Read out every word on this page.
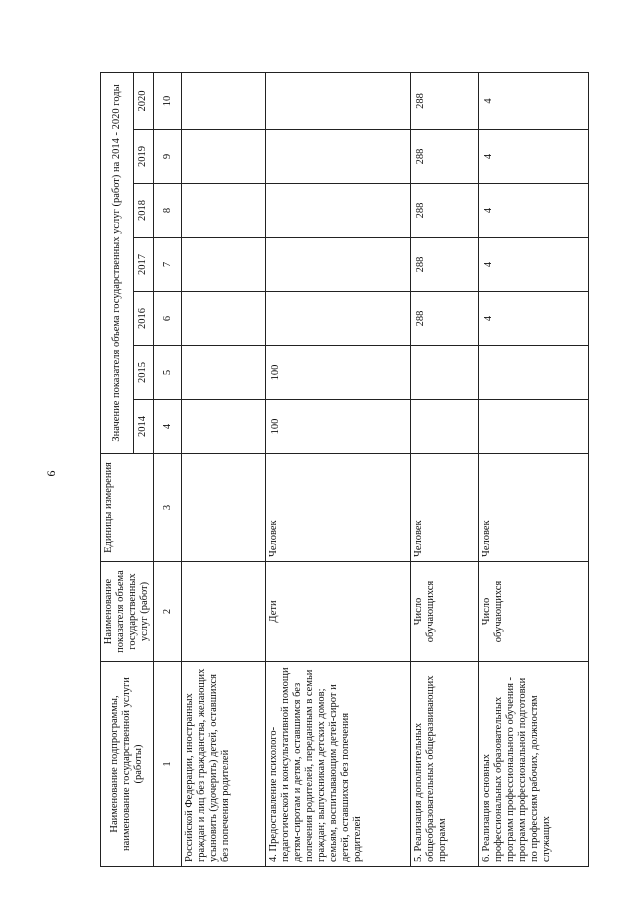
9
Наименование подпрограммы, наименование государственной услуги (работы)	Наименование показателя объема государственных услуг (работ)	Единицы измерения	Значение показателя объема государственных услуг (работ) на 2014 - 2020 годы						
			2014	2015	2016	2017	2018	2019	2020
1	2	3	4	5	6	7	8	9	10
Российской Федерации, иностранных граждан и лиц без гражданства, желающих усыновить (удочерить) детей, оставшихся без попечения родителей									
4. Предоставление психолого-педагогической и консультативной помощи детям-сиротам и детям, оставшимся без попечения родителей, переданным в семьи граждан; выпускникам детских домов; семьям, воспитывающим детей-сирот и детей, оставшихся без попечения родителей	Дети	Человек	100	100					
5. Реализация дополнительных общеобразовательных общеразвивающих программ	Число обучающихся	Человек			288	288	288	288	288
6. Реализация основных профессиональных образовательных программ профессионального обучения - программ профессиональной подготовки по профессиям рабочих, должностям служащих	Число обучающихся	Человек			4	4	4	4	4
